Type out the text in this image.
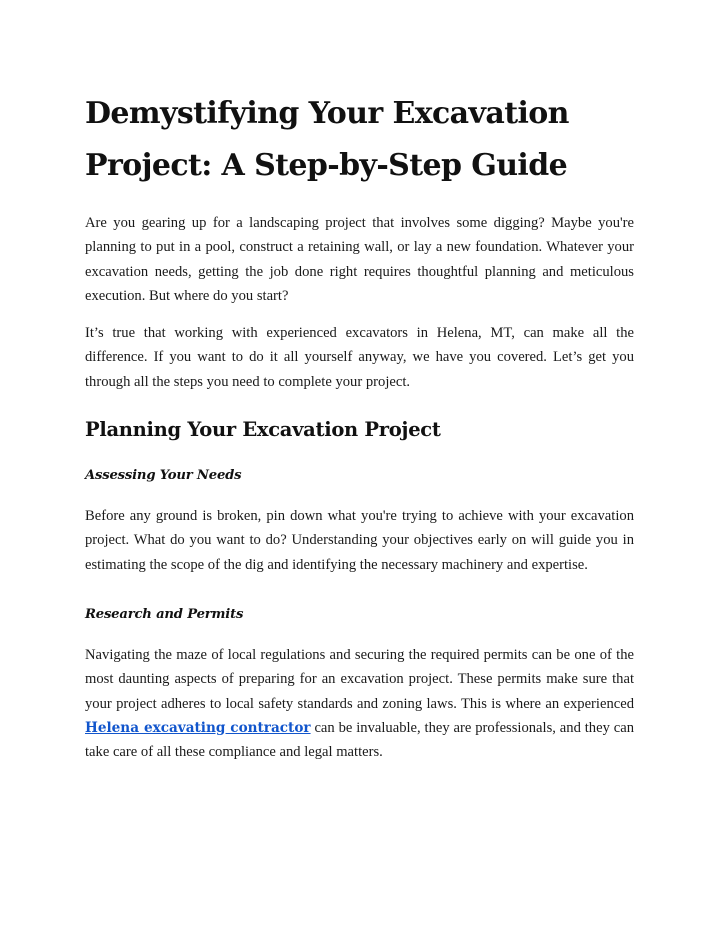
Demystifying Your Excavation Project: A Step-by-Step Guide

Are you gearing up for a landscaping project that involves some digging? Maybe you're planning to put in a pool, construct a retaining wall, or lay a new foundation. Whatever your excavation needs, getting the job done right requires thoughtful planning and meticulous execution. But where do you start?

It’s true that working with experienced excavators in Helena, MT, can make all the difference. If you want to do it all yourself anyway, we have you covered. Let’s get you through all the steps you need to complete your project.

Planning Your Excavation Project
Assessing Your Needs

Before any ground is broken, pin down what you're trying to achieve with your excavation project. What do you want to do? Understanding your objectives early on will guide you in estimating the scope of the dig and identifying the necessary machinery and expertise.

Research and Permits

Navigating the maze of local regulations and securing the required permits can be one of the most daunting aspects of preparing for an excavation project. These permits make sure that your project adheres to local safety standards and zoning laws. This is where an experienced Helena excavating contractor can be invaluable, they are professionals, and they can take care of all these compliance and legal matters.
